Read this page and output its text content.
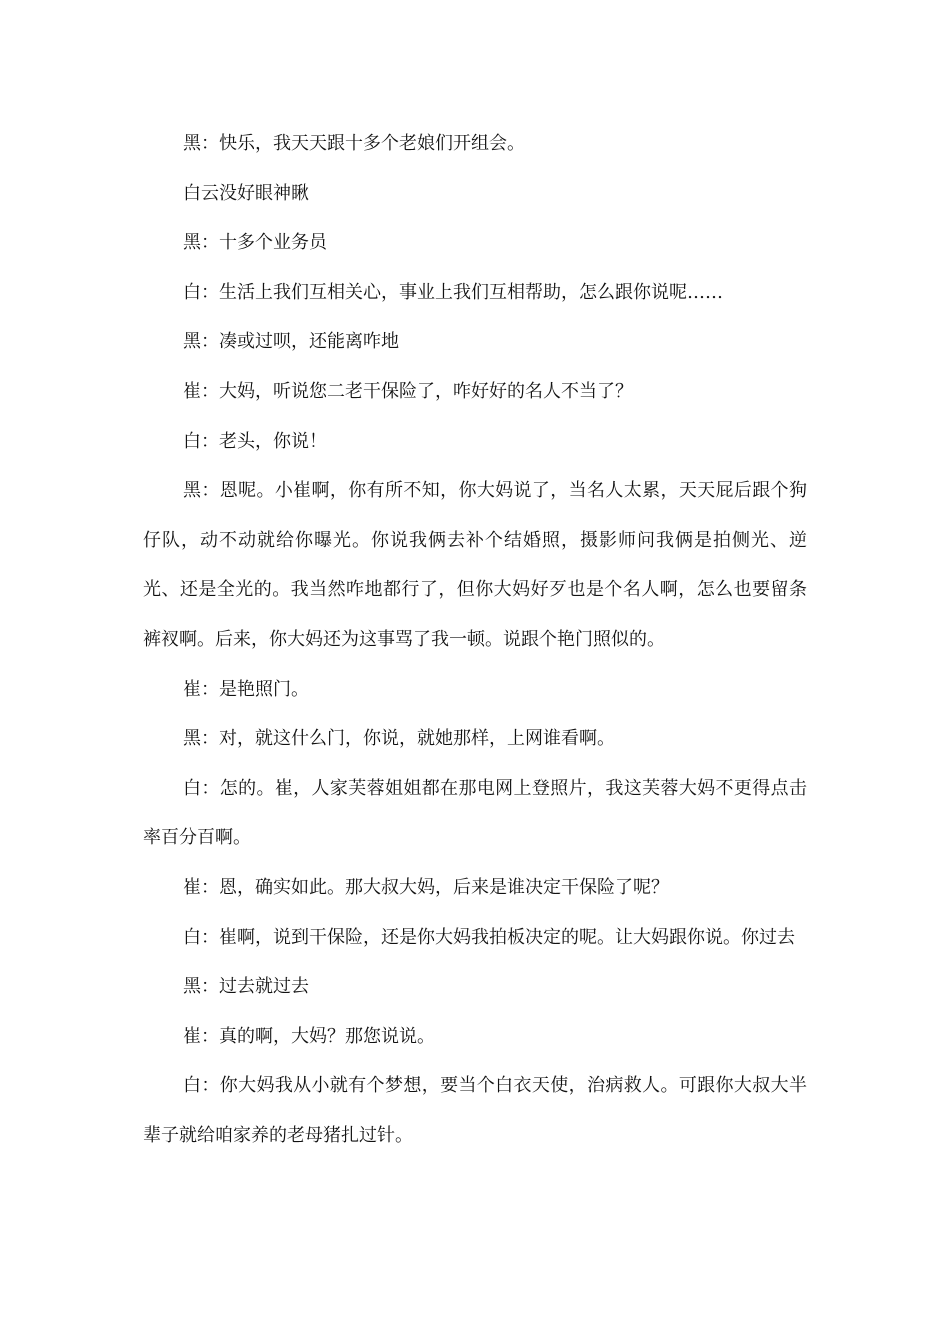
黑：快乐，我天天跟十多个老娘们开组会。

白云没好眼神瞅

黑：十多个业务员

白：生活上我们互相关心，事业上我们互相帮助，怎么跟你说呢……

黑：凑或过呗，还能离咋地

崔：大妈，听说您二老干保险了，咋好好的名人不当了？

白：老头，你说！

黑：恩呢。小崔啊，你有所不知，你大妈说了，当名人太累，天天屁后跟个狗仔队，动不动就给你曝光。你说我俩去补个结婚照，摄影师问我俩是拍侧光、逆光、还是全光的。我当然咋地都行了，但你大妈好歹也是个名人啊，怎么也要留条裤衩啊。后来，你大妈还为这事骂了我一顿。说跟个艳门照似的。

崔：是艳照门。

黑：对，就这什么门，你说，就她那样，上网谁看啊。

白：怎的。崔，人家芙蓉姐姐都在那电网上登照片，我这芙蓉大妈不更得点击率百分百啊。

崔：恩，确实如此。那大叔大妈，后来是谁决定干保险了呢？

白：崔啊，说到干保险，还是你大妈我拍板决定的呢。让大妈跟你说。你过去

黑：过去就过去

崔：真的啊，大妈？那您说说。

白：你大妈我从小就有个梦想，要当个白衣天使，治病救人。可跟你大叔大半辈子就给咱家养的老母猪扎过针。
